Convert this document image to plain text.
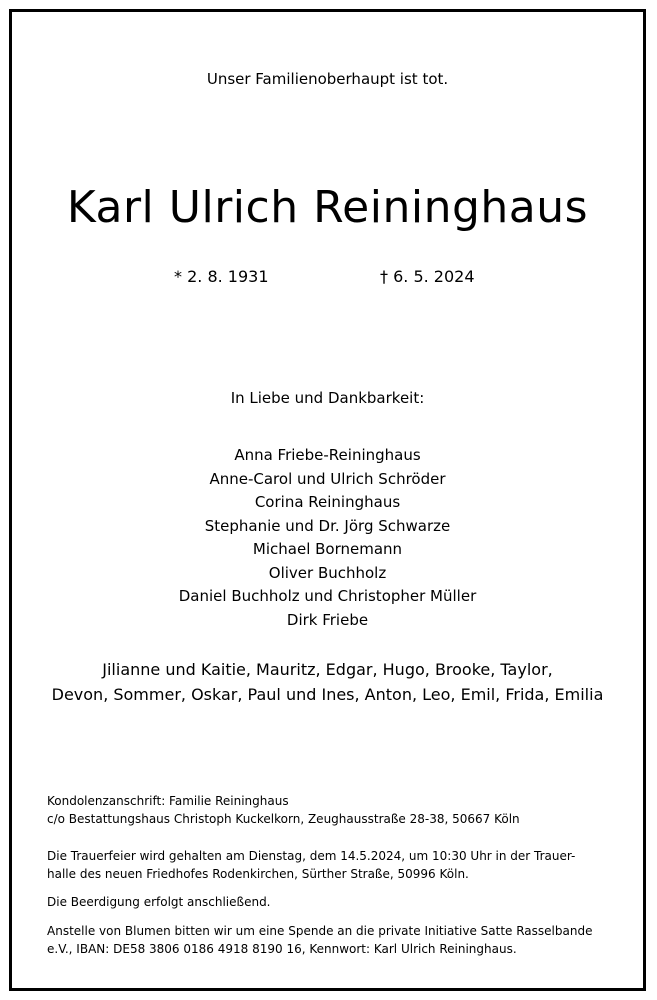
Unser Familienoberhaupt ist tot.
Karl Ulrich Reininghaus
* 2. 8. 1931	† 6. 5. 2024
In Liebe und Dankbarkeit:
Anna Friebe-Reininghaus
Anne-Carol und Ulrich Schröder
Corina Reininghaus
Stephanie und Dr. Jörg Schwarze
Michael Bornemann
Oliver Buchholz
Daniel Buchholz und Christopher Müller
Dirk Friebe
Jilianne und Kaitie, Mauritz, Edgar, Hugo, Brooke, Taylor,
Devon, Sommer, Oskar, Paul und Ines, Anton, Leo, Emil, Frida, Emilia
Kondolenzanschrift: Familie Reininghaus
c/o Bestattungshaus Christoph Kuckelkorn, Zeughausstraße 28-38, 50667 Köln
Die Trauerfeier wird gehalten am Dienstag, dem 14.5.2024, um 10:30 Uhr in der Trauer-
halle des neuen Friedhofes Rodenkirchen, Sürther Straße, 50996 Köln.
Die Beerdigung erfolgt anschließend.
Anstelle von Blumen bitten wir um eine Spende an die private Initiative Satte Rasselbande
e.V., IBAN: DE58 3806 0186 4918 8190 16, Kennwort: Karl Ulrich Reininghaus.
